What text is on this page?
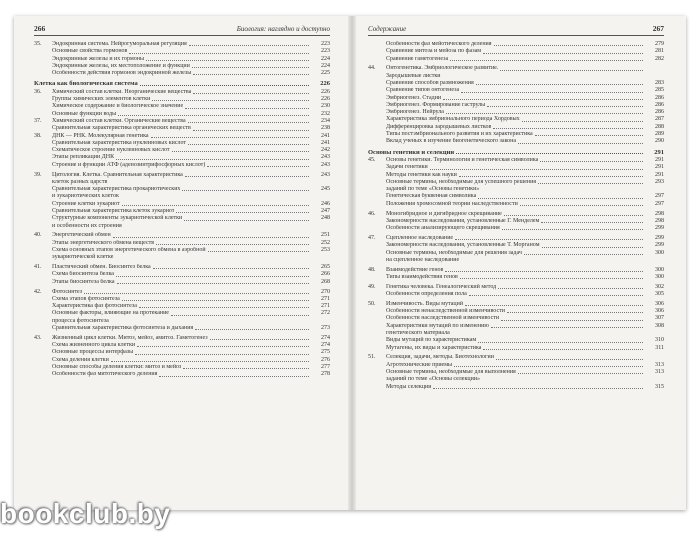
266	Биология: наглядно и доступно
35.	Эндокринная система. Нейрогуморальная регуляция	223
Основные свойства гормонов	223
Эндокринные железы и их гормоны	224
Эндокринные железы, их местоположение и функции	224
Особенности действия гормонов эндокринной железы	225
Клетка как биологическая система	226
36.	Химический состав клетки. Неорганические вещества	226
Группы химических элементов клетки	226
Химическое содержание и биологическое значение	230
Основные функции воды	232
37.	Химический состав клетки. Органические вещества	234
Сравнительная характеристика органических веществ	238
38.	ДНК — РНК. Молекулярная генетика	241
Сравнительная характеристика нуклеиновых кислот	241
Схематическое строение нуклеиновых кислот	242
Этапы репликации ДНК	243
Строение и функции АТФ (аденозинтрифосфорных кислот)	243
39.	Цитология. Клетка. Сравнительная характеристика	243
клеток разных царств
Сравнительная характеристика прокариотических	245
и эукариотических клеток
Строение клетки эукариот	246
Сравнительная характеристика клеток эукариот	247
Структурные компоненты эукариотической клетки	248
и особенности их строения
40.	Энергетический обмен	251
Этапы энергетического обмена веществ	252
Схема основных этапов энергетического обмена в аэробной	253
эукариотической клетке
41.	Пластический обмен. Биосинтез белка	265
Схема биосинтеза белка	266
Этапы биосинтеза белка	268
42.	Фотосинтез	270
Схема этапов фотосинтеза	271
Характеристика фаз фотосинтеза	271
Основные факторы, влияющие на протекание	272
процесса фотосинтеза
Сравнительная характеристика фотосинтеза и дыхания	273
43.	Жизненный цикл клетки. Митоз, мейоз, амитоз. Гаметогенез	274
Схема жизненного цикла клетки	274
Основные процессы интерфазы	275
Схема деления клетки	276
Основные способы деления клетки: митоз и мейоз	277
Особенности фаз митотического деления	278
Содержание	267
Особенности фаз мейотического деления	279
Сравнение митоза и мейоза по фазам	281
Сравнение гаметогенеза	282
44.	Онтогенетика. Эмбриологическое развитие.
Зародышевые листки
Сравнение способов размножения	283
Сравнение типов онтогенеза	285
Эмбриогенез. Стадии	286
Эмбриогенез. Формирование гаструлы	286
Эмбриогенез. Нейрула	286
Характеристика эмбрионального периода Хордовых	287
Дифференцировка зародышевых листков	288
Типы постэмбрионального развития и их характеристика	289
Вклад ученых в изучение биогенетического закона	290
Основы генетики и селекции	291
45.	Основы генетики. Терминология и генетическая символика	291
Задачи генетики	291
Методы генетики как науки	291
Основные термины, необходимые для успешного решения	293
заданий по теме «Основы генетики»
Генетическая буквенная символика	297
Положения хромосомной теории наследственности	297
46.	Моногибридное и дигибридное скрещивание	298
Закономерности наследования, установленные Г. Менделем	298
Особенности анализирующего скрещивания	299
47.	Сцепленное наследование	299
Закономерности наследования, установленные Т. Морганом	299
Основные термины, необходимые для решения задач	300
на сцепленное наследование
48.	Взаимодействие генов	300
Типы взаимодействия генов	300
49.	Генетика человека. Генеалогический метод	302
Особенности определения пола	305
50.	Изменчивость. Виды мутаций	306
Особенности ненаследственной изменчивости	306
Особенности наследственной изменчивости	307
Характеристики мутаций по изменению	308
генетического материала
Виды мутаций по характеристикам	310
Мутагены, их виды и характеристика	311
51.	Селекция, задачи, методы. Биотехнологии
Агротехнические приемы	313
Основные термины, необходимые для выполнения	313
заданий по теме «Основы селекции»
Методы селекции	315
bookclub.by
